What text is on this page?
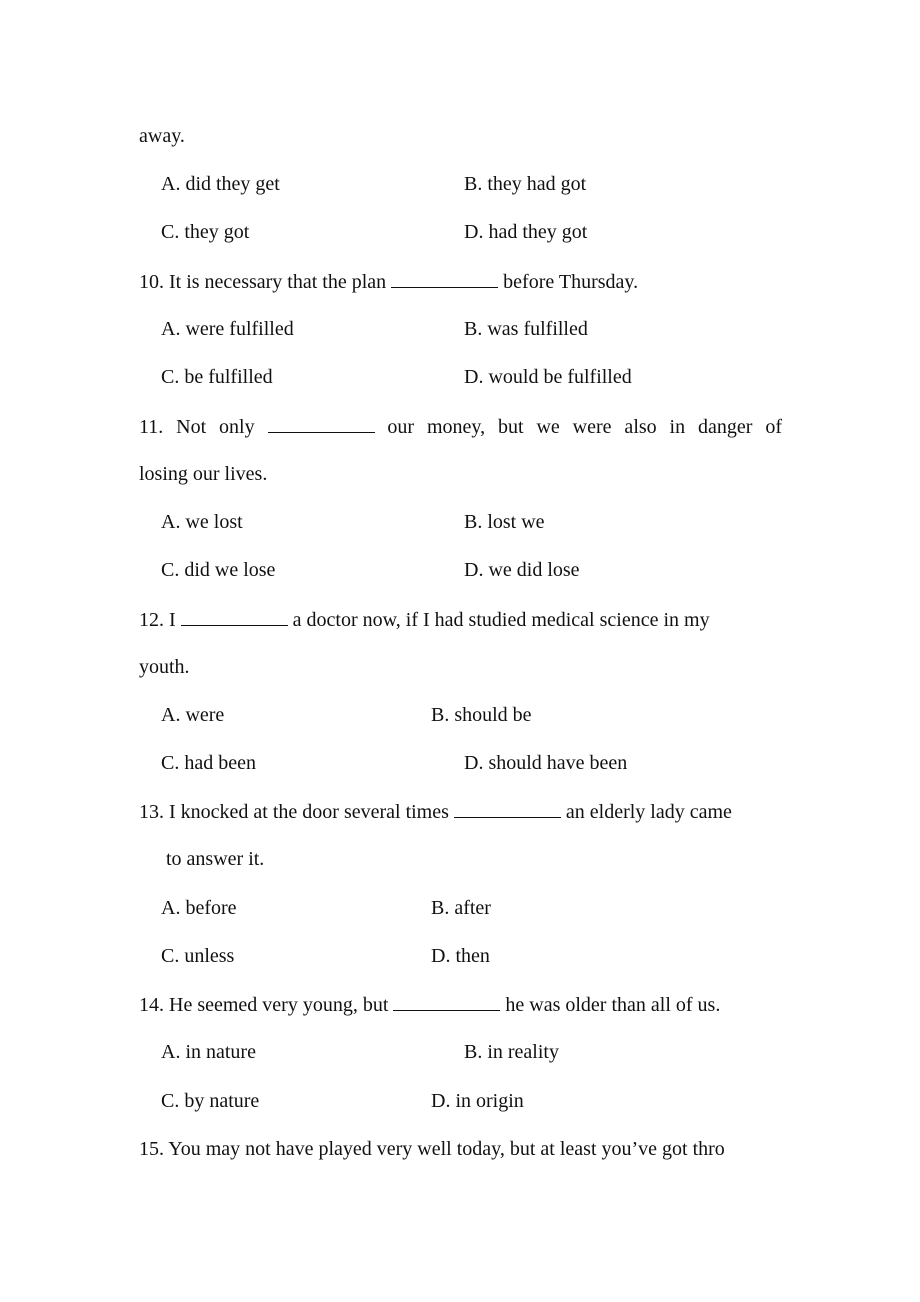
away.
A. did they get	B. they had got
C. they got	D. had they got
10. It is necessary that the plan	before Thursday.
A. were fulfilled	B. was fulfilled
C. be fulfilled	D. would be fulfilled
11. Not only	our money, but we were also in danger of
losing our lives.
A. we lost	B. lost we
C. did we lose	D. we did lose
12. I	a doctor now, if I had studied medical science in my
youth.
A. were	B. should be
C. had been	D. should have been
13. I knocked at the door several times	an elderly lady came
to answer it.
A. before	B. after
C. unless	D. then
14. He seemed very young, but	he was older than all of us.
A. in nature	B. in reality
C. by nature	D. in origin
15. You may not have played very well today, but at least you’ve got thro
